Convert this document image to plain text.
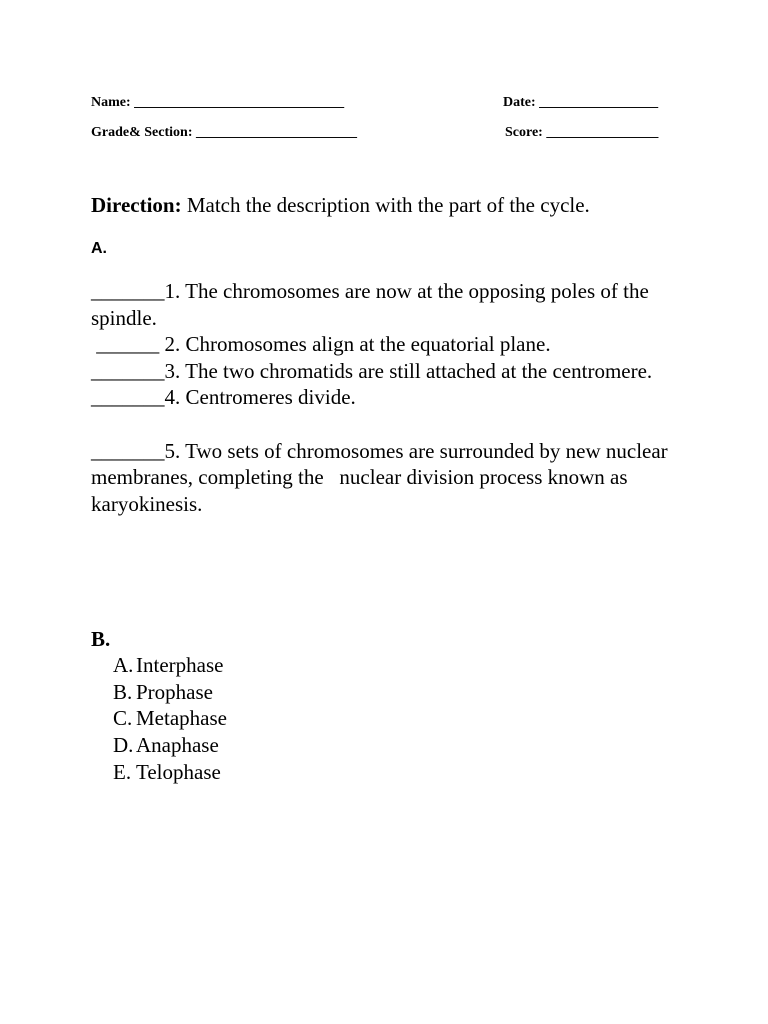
Name: ______________________________	Date: _________________
Grade& Section: _______________________	Score: ________________
Direction: Match the description with the part of the cycle.
A.
_______1. The chromosomes are now at the opposing poles of the spindle.
______ 2. Chromosomes align at the equatorial plane.
_______3. The two chromatids are still attached at the centromere.
_______4. Centromeres divide.
_______5. Two sets of chromosomes are surrounded by new nuclear membranes, completing the   nuclear division process known as karyokinesis.
B.
A. Interphase
B. Prophase
C. Metaphase
D. Anaphase
E. Telophase
